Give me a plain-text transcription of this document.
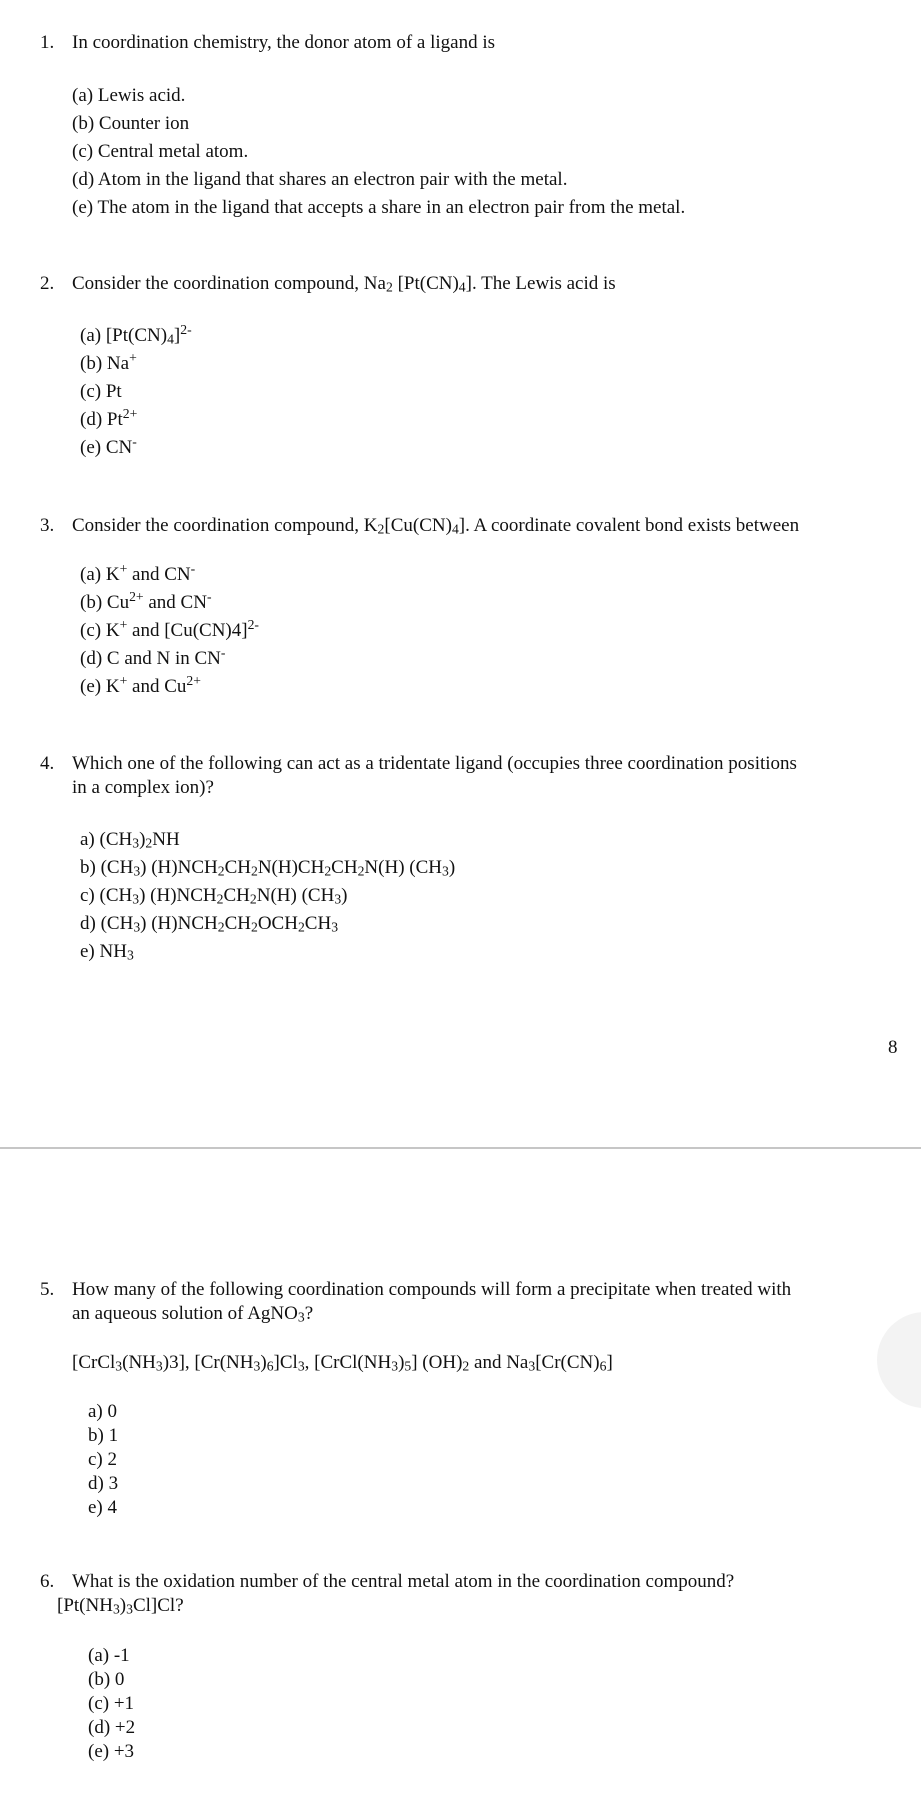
1. In coordination chemistry, the donor atom of a ligand is
(a) Lewis acid.
(b) Counter ion
(c) Central metal atom.
(d) Atom in the ligand that shares an electron pair with the metal.
(e) The atom in the ligand that accepts a share in an electron pair from the metal.
2. Consider the coordination compound, Na2 [Pt(CN)4]. The Lewis acid is
(a) $[Pt(CN)4]^{2-}$
(b) Na+
(c) Pt
(d) $Pt^{2+}$
(e) CN-
3. Consider the coordination compound, K2[Cu(CN)4]. A coordinate covalent bond exists between
(a) K+ and CN-
(b) $Cu^{2+}$ and CN-
(c) K+ and $[Cu(CN)4]^{2-}$
(d) C and N in CN-
(e) K+ and $Cu^{2+}$
4. Which one of the following can act as a tridentate ligand (occupies three coordination positions
in a complex ion)?
a) (CH3)2NH
b) (CH3) (H)NCH2CH2N(H)CH2CH2N(H) (CH3)
c) (CH3) (H)NCH2CH2N(H) (CH3)
d) (CH3) (H)NCH2CH2OCH2CH3
e) NH3
8
5. How many of the following coordination compounds will form a precipitate when treated with
an aqueous solution of AgNO3?
[CrCl3(NH3)3], [Cr(NH3)6]Cl3, [CrCl(NH3)5] (OH)2 and Na3[Cr(CN)6]
a) 0
b) 1
c) 2
d) 3
e) 4
6. What is the oxidation number of the central metal atom in the coordination compound?
[Pt(NH3)3Cl]Cl?
(a) -1
(b) 0
(c) +1
(d) +2
(e) +3
